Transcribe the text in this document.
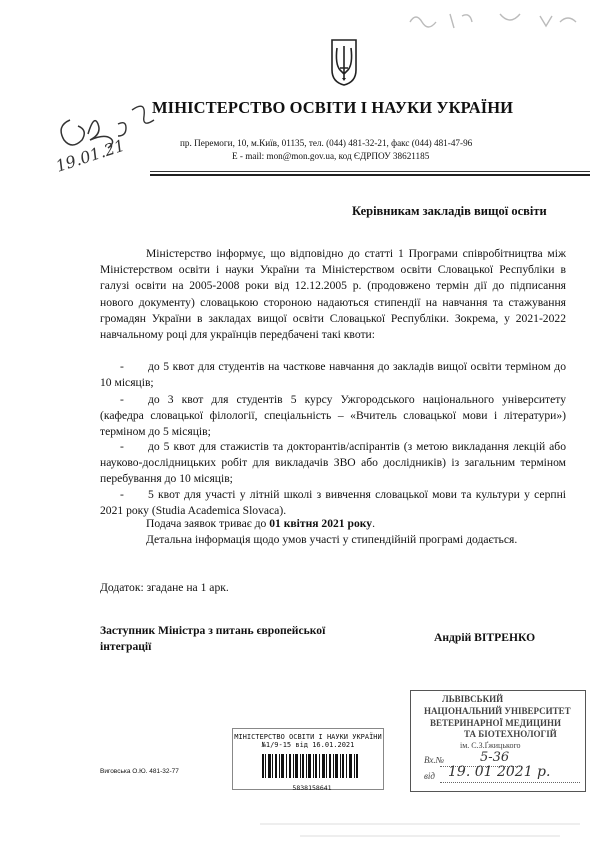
19.01.21
МІНІСТЕРСТВО ОСВІТИ І НАУКИ УКРАЇНИ
пр. Перемоги, 10, м.Київ, 01135, тел. (044) 481-32-21, факс (044) 481-47-96
E - mail: mon@mon.gov.ua, код ЄДРПОУ 38621185
Керівникам закладів вищої освіти
Міністерство інформує, що відповідно до статті 1 Програми співробітництва між Міністерством освіти і науки України та Міністерством освіти Словацької Республіки в галузі освіти на 2005-2008 роки від 12.12.2005 р. (продовжено термін дії до підписання нового документу) словацькою стороною надаються стипендії на навчання та стажування громадян України в закладах вищої освіти Словацької Республіки. Зокрема, у 2021-2022 навчальному році для українців передбачені такі квоти:
- до 5 квот для студентів на часткове навчання до закладів вищої освіти терміном до 10 місяців;
- до 3 квот для студентів 5 курсу Ужгородського національного університету (кафедра словацької філології, спеціальність – «Вчитель словацької мови і літератури») терміном до 5 місяців;
- до 5 квот для стажистів та докторантів/аспірантів (з метою викладання лекцій або науково-дослідницьких робіт для викладачів ЗВО або дослідників) із загальним терміном перебування до 10 місяців;
- 5 квот для участі у літній школі з вивчення словацької мови та культури у серпні 2021 року (Studia Academica Slovaca).
Подача заявок триває до 01 квітня 2021 року.
Детальна інформація щодо умов участі у стипендійній програмі додається.
Додаток: згадане на 1 арк.
Заступник Міністра з питань європейської інтеграції
Андрій ВІТРЕНКО
МІНІСТЕРСТВО ОСВІТИ І НАУКИ УКРАЇНИ
№1/9-15 від 16.01.2021
5838158641
Виговська О.Ю. 481-32-77
ЛЬВІВСЬКИЙ
НАЦІОНАЛЬНИЙ УНІВЕРСИТЕТ
ВЕТЕРИНАРНОЇ МЕДИЦИНИ
ТА БІОТЕХНОЛОГІЙ
ім. С.З.Ґжицького
Вх.№	5-36
від 19. 01 2021 р.
